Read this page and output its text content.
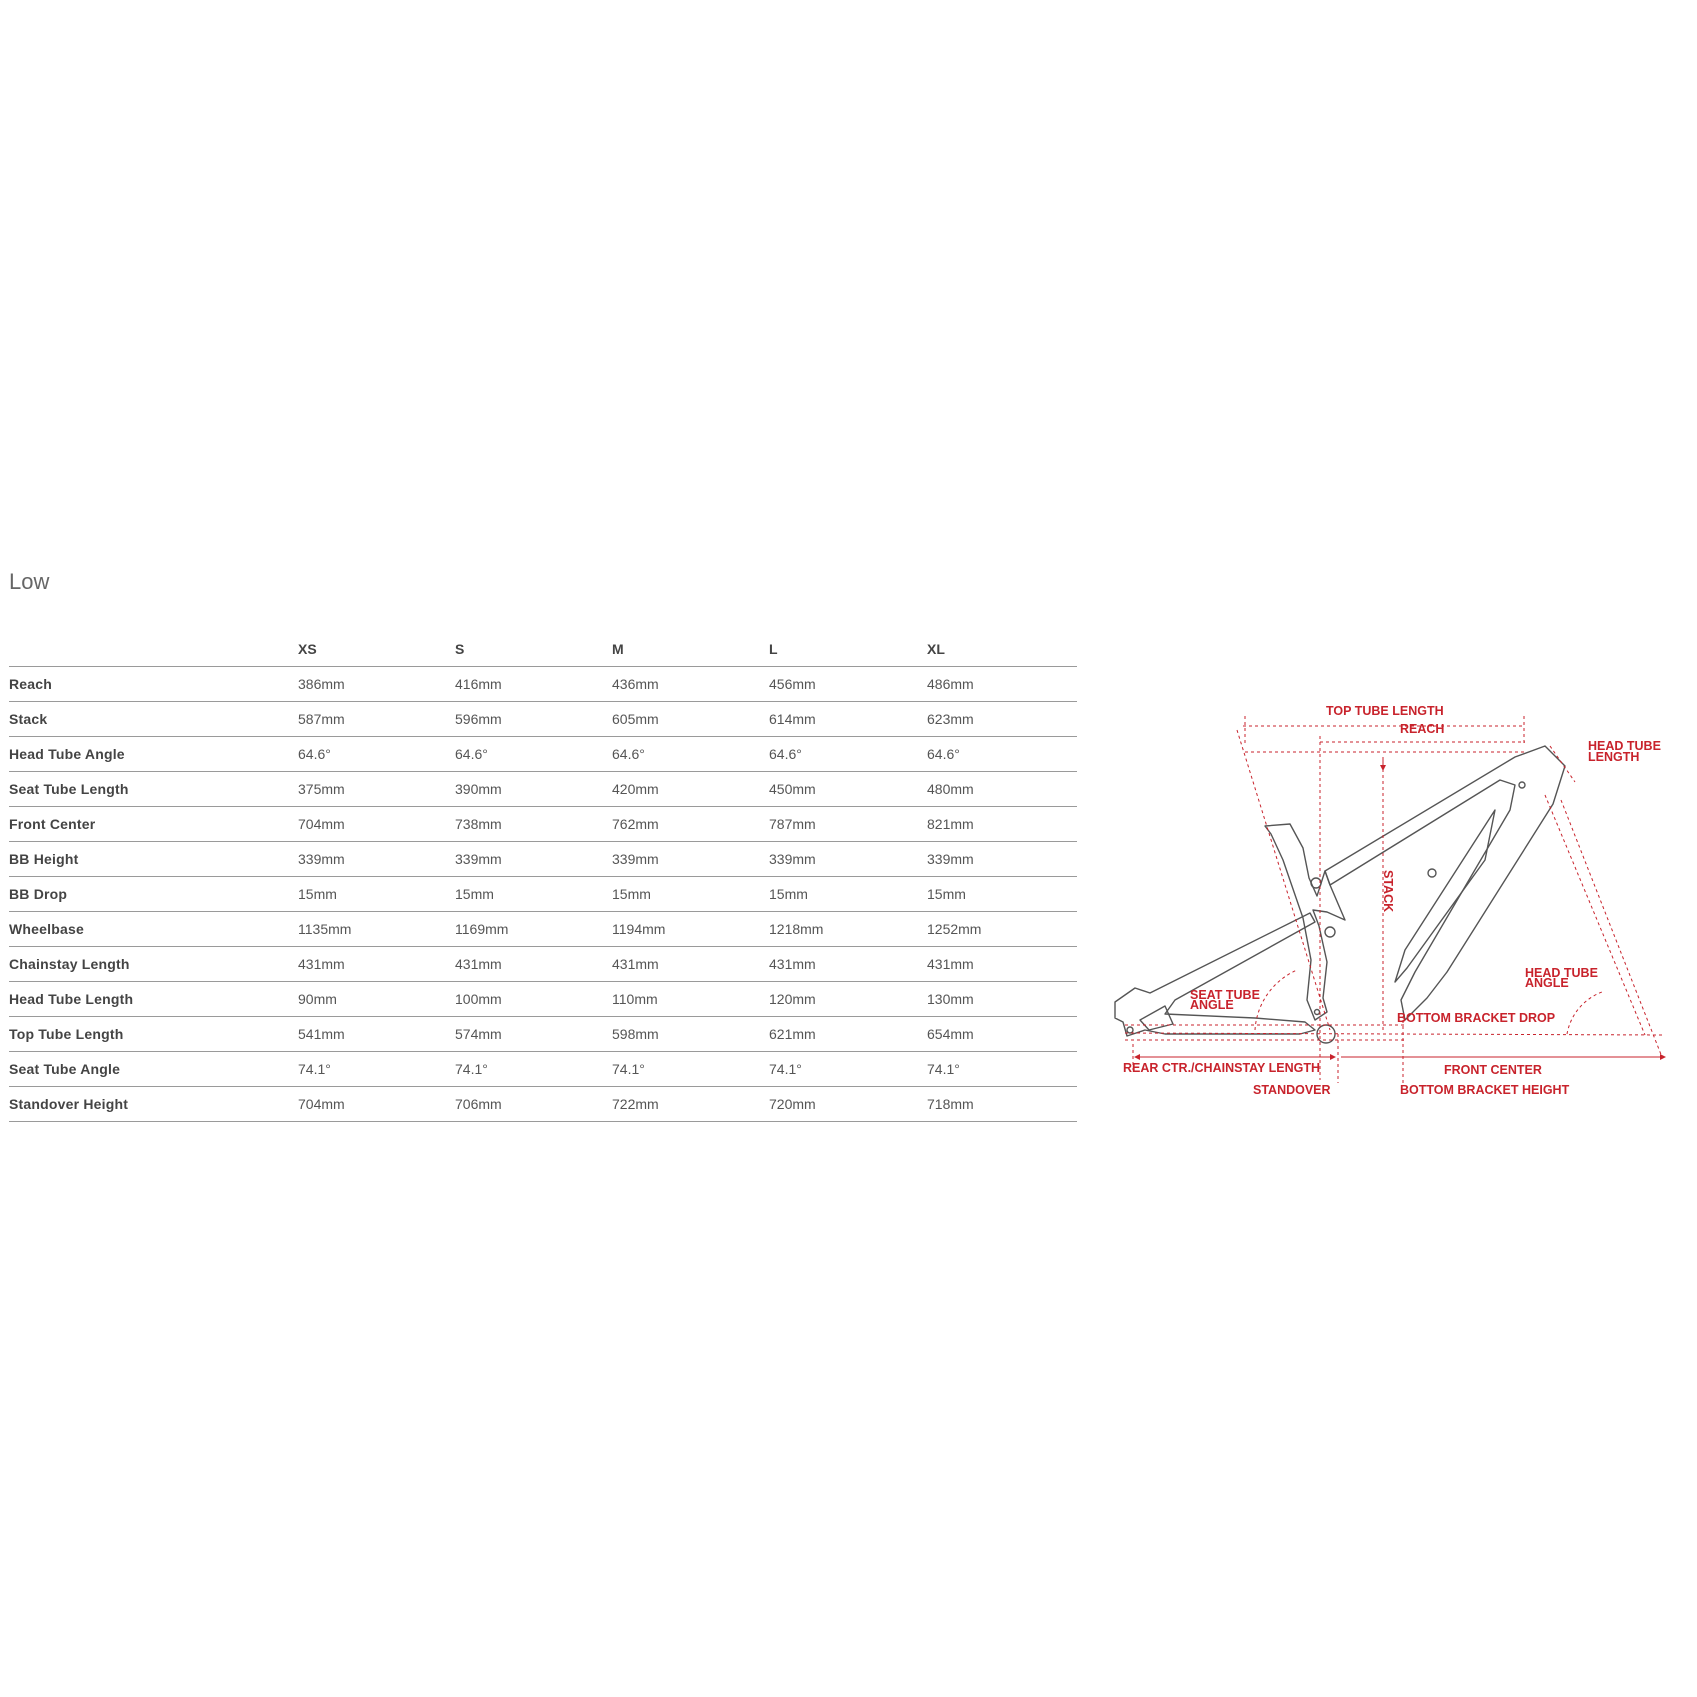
Low
	XS	S	M	L	XL
Reach	386mm	416mm	436mm	456mm	486mm
Stack	587mm	596mm	605mm	614mm	623mm
Head Tube Angle	64.6°	64.6°	64.6°	64.6°	64.6°
Seat Tube Length	375mm	390mm	420mm	450mm	480mm
Front Center	704mm	738mm	762mm	787mm	821mm
BB Height	339mm	339mm	339mm	339mm	339mm
BB Drop	15mm	15mm	15mm	15mm	15mm
Wheelbase	1135mm	1169mm	1194mm	1218mm	1252mm
Chainstay Length	431mm	431mm	431mm	431mm	431mm
Head Tube Length	90mm	100mm	110mm	120mm	130mm
Top Tube Length	541mm	574mm	598mm	621mm	654mm
Seat Tube Angle	74.1°	74.1°	74.1°	74.1°	74.1°
Standover Height	704mm	706mm	722mm	720mm	718mm
TOP TUBE LENGTH
REACH
HEAD TUBE
LENGTH
STACK
HEAD TUBE
ANGLE
SEAT TUBE
ANGLE
BOTTOM BRACKET DROP
REAR CTR./CHAINSTAY LENGTH	FRONT CENTER
STANDOVER	BOTTOM BRACKET HEIGHT
